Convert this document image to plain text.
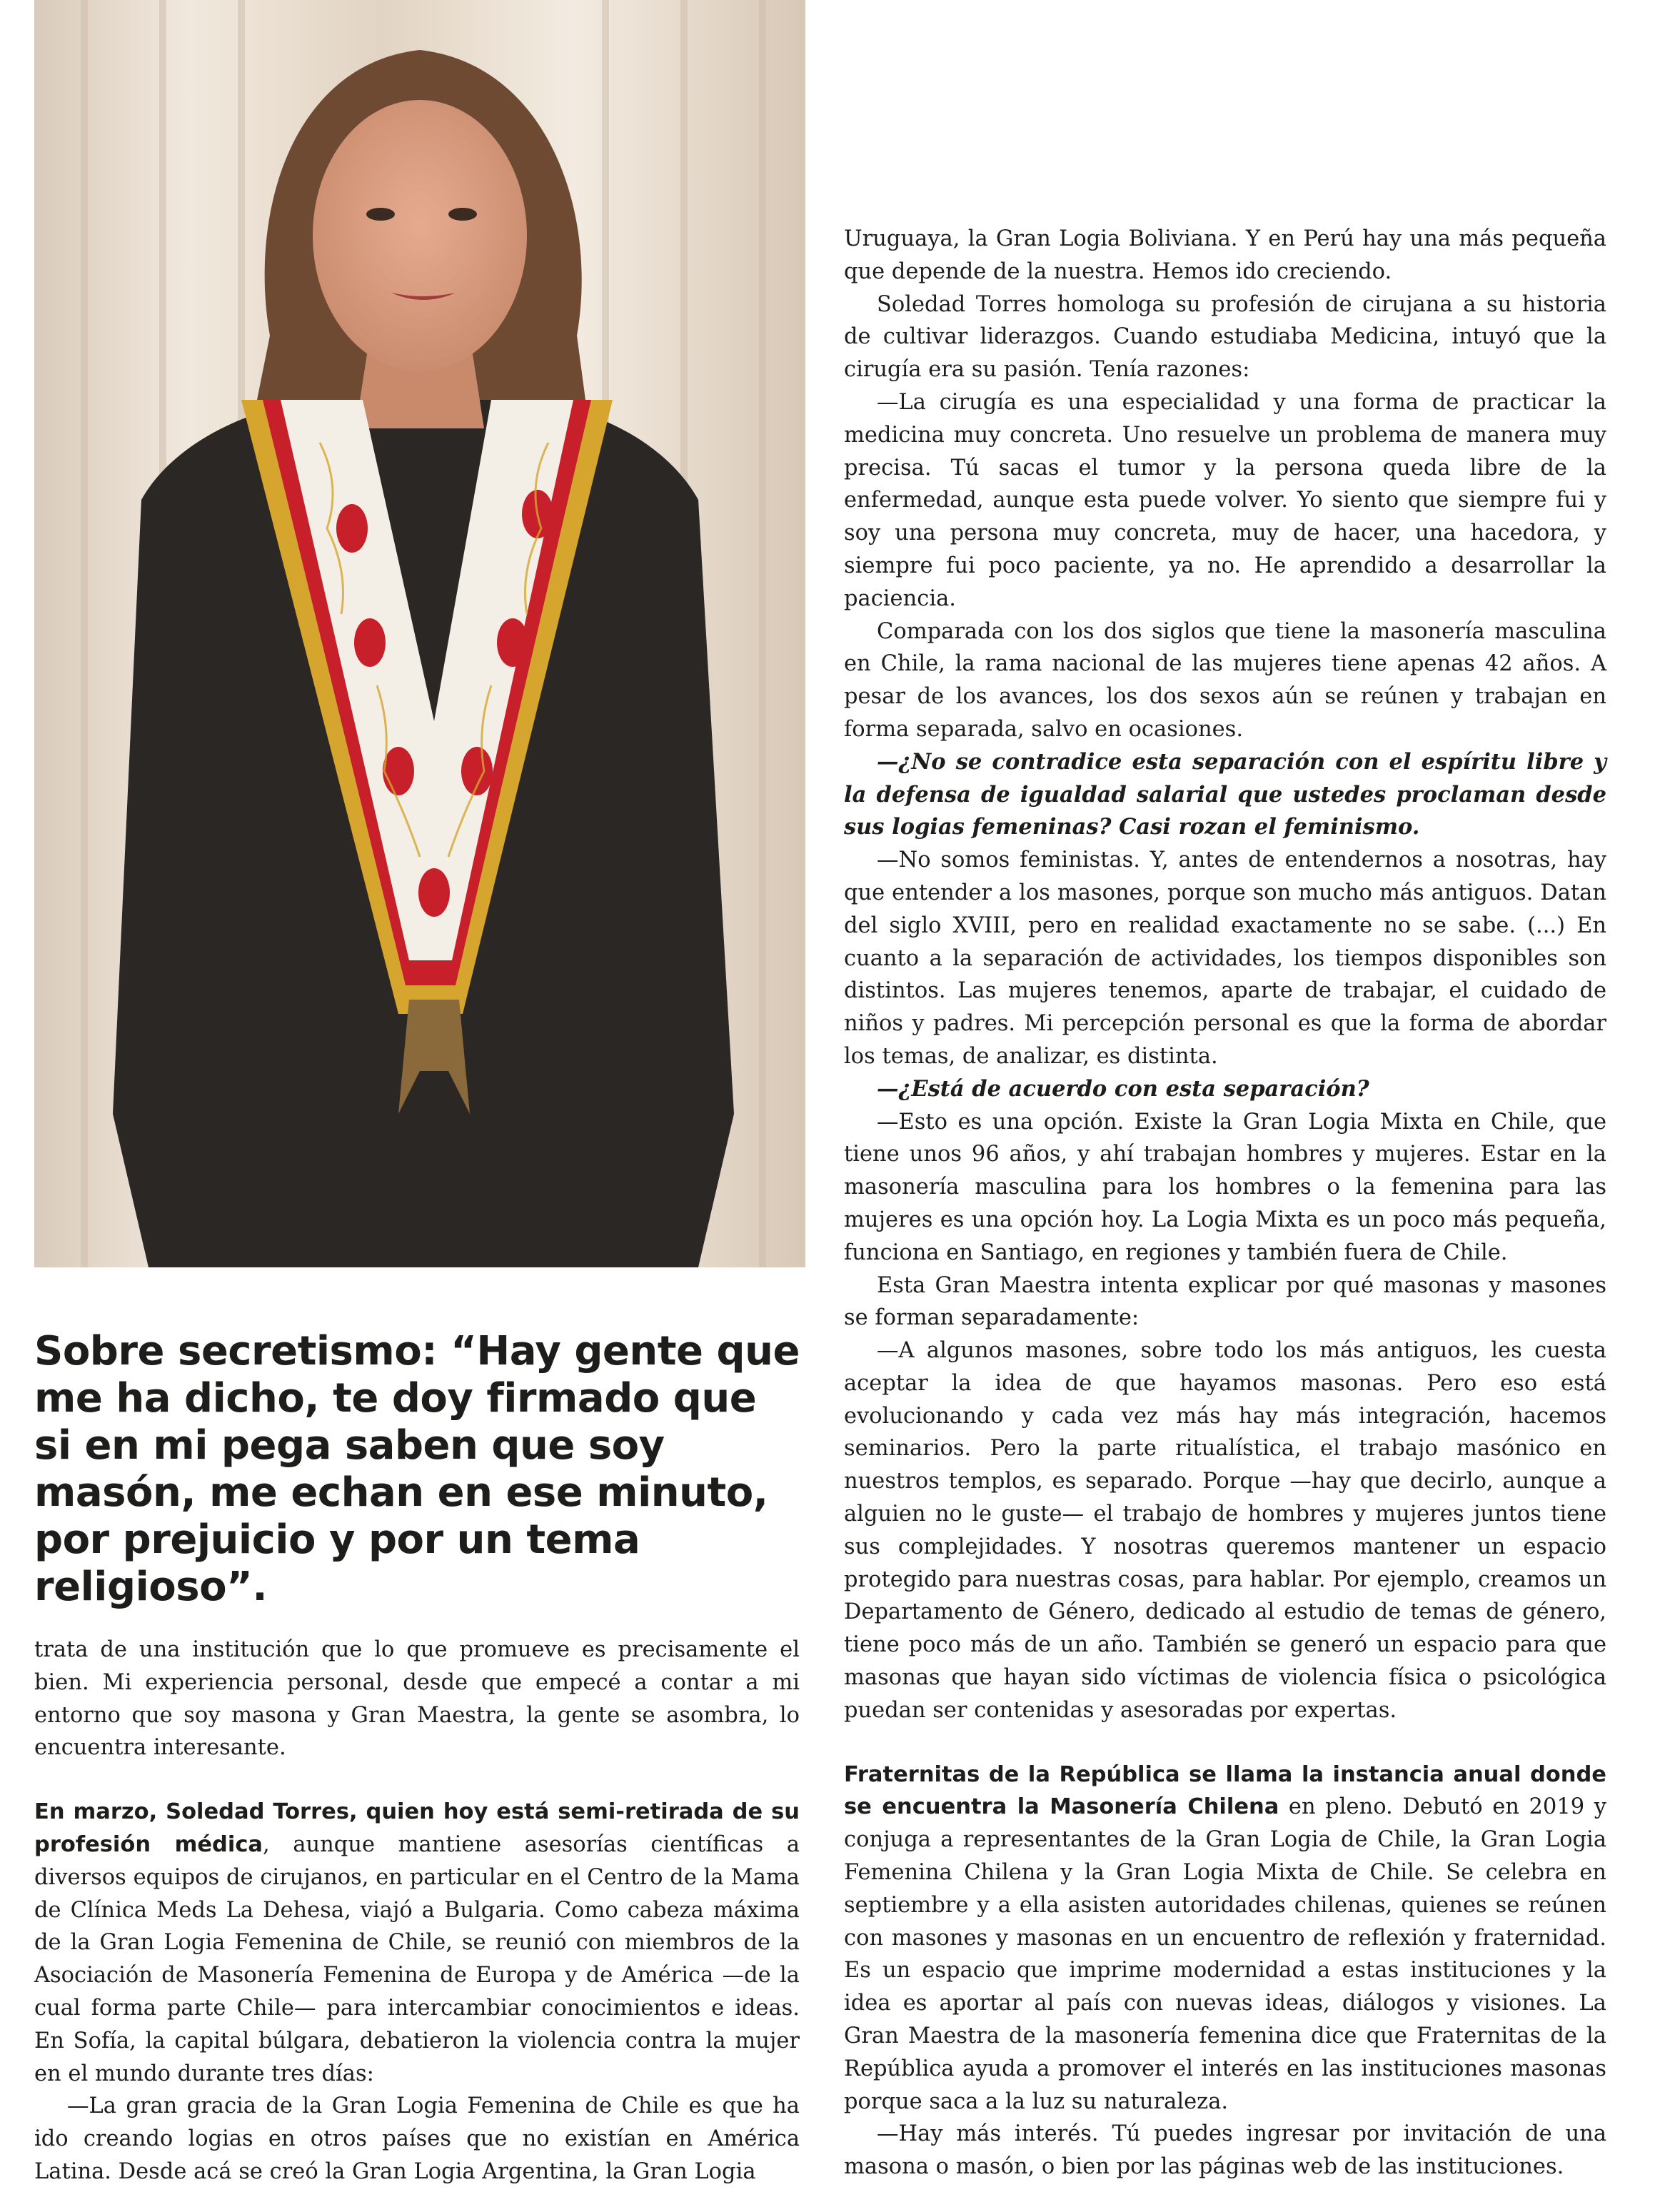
Sobre secretismo: “Hay gente que me ha dicho, te doy firmado que si en mi pega saben que soy masón, me echan en ese minuto, por prejuicio y por un tema religioso”.

trata de una institución que lo que promueve es precisamente el bien. Mi experiencia personal, desde que empecé a contar a mi entorno que soy masona y Gran Maestra, la gente se asombra, lo encuentra interesante.

En marzo, Soledad Torres, quien hoy está semi-retirada de su profesión médica, aunque mantiene asesorías científicas a diversos equipos de cirujanos, en particular en el Centro de la Mama de Clínica Meds La Dehesa, viajó a Bulgaria. Como cabeza máxima de la Gran Logia Femenina de Chile, se reunió con miembros de la Asociación de Masonería Femenina de Europa y de América —de la cual forma parte Chile— para intercambiar conocimientos e ideas. En Sofía, la capital búlgara, debatieron la violencia contra la mujer en el mundo durante tres días:

—La gran gracia de la Gran Logia Femenina de Chile es que ha ido creando logias en otros países que no existían en América Latina. Desde acá se creó la Gran Logia Argentina, la Gran Logia

Uruguaya, la Gran Logia Boliviana. Y en Perú hay una más pequeña que depende de la nuestra. Hemos ido creciendo.

Soledad Torres homologa su profesión de cirujana a su historia de cultivar liderazgos. Cuando estudiaba Medicina, intuyó que la cirugía era su pasión. Tenía razones:

—La cirugía es una especialidad y una forma de practicar la medicina muy concreta. Uno resuelve un problema de manera muy precisa. Tú sacas el tumor y la persona queda libre de la enfermedad, aunque esta puede volver. Yo siento que siempre fui y soy una persona muy concreta, muy de hacer, una hacedora, y siempre fui poco paciente, ya no. He aprendido a desarrollar la paciencia.

Comparada con los dos siglos que tiene la masonería masculina en Chile, la rama nacional de las mujeres tiene apenas 42 años. A pesar de los avances, los dos sexos aún se reúnen y trabajan en forma separada, salvo en ocasiones.

—¿No se contradice esta separación con el espíritu libre y la defensa de igualdad salarial que ustedes proclaman desde sus logias femeninas? Casi rozan el feminismo.

—No somos feministas. Y, antes de entendernos a nosotras, hay que entender a los masones, porque son mucho más antiguos. Datan del siglo XVIII, pero en realidad exactamente no se sabe. (...) En cuanto a la separación de actividades, los tiempos disponibles son distintos. Las mujeres tenemos, aparte de trabajar, el cuidado de niños y padres. Mi percepción personal es que la forma de abordar los temas, de analizar, es distinta.

—¿Está de acuerdo con esta separación?

—Esto es una opción. Existe la Gran Logia Mixta en Chile, que tiene unos 96 años, y ahí trabajan hombres y mujeres. Estar en la masonería masculina para los hombres o la femenina para las mujeres es una opción hoy. La Logia Mixta es un poco más pequeña, funciona en Santiago, en regiones y también fuera de Chile.

Esta Gran Maestra intenta explicar por qué masonas y masones se forman separadamente:

—A algunos masones, sobre todo los más antiguos, les cuesta aceptar la idea de que hayamos masonas. Pero eso está evolucionando y cada vez más hay más integración, hacemos seminarios. Pero la parte ritualística, el trabajo masónico en nuestros templos, es separado. Porque —hay que decirlo, aunque a alguien no le guste— el trabajo de hombres y mujeres juntos tiene sus complejidades. Y nosotras queremos mantener un espacio protegido para nuestras cosas, para hablar. Por ejemplo, creamos un Departamento de Género, dedicado al estudio de temas de género, tiene poco más de un año. También se generó un espacio para que masonas que hayan sido víctimas de violencia física o psicológica puedan ser contenidas y asesoradas por expertas.

Fraternitas de la República se llama la instancia anual donde se encuentra la Masonería Chilena en pleno. Debutó en 2019 y conjuga a representantes de la Gran Logia de Chile, la Gran Logia Femenina Chilena y la Gran Logia Mixta de Chile. Se celebra en septiembre y a ella asisten autoridades chilenas, quienes se reúnen con masones y masonas en un encuentro de reflexión y fraternidad. Es un espacio que imprime modernidad a estas instituciones y la idea es aportar al país con nuevas ideas, diálogos y visiones. La Gran Maestra de la masonería femenina dice que Fraternitas de la República ayuda a promover el interés en las instituciones masonas porque saca a la luz su naturaleza.

—Hay más interés. Tú puedes ingresar por invitación de una masona o masón, o bien por las páginas web de las instituciones.
